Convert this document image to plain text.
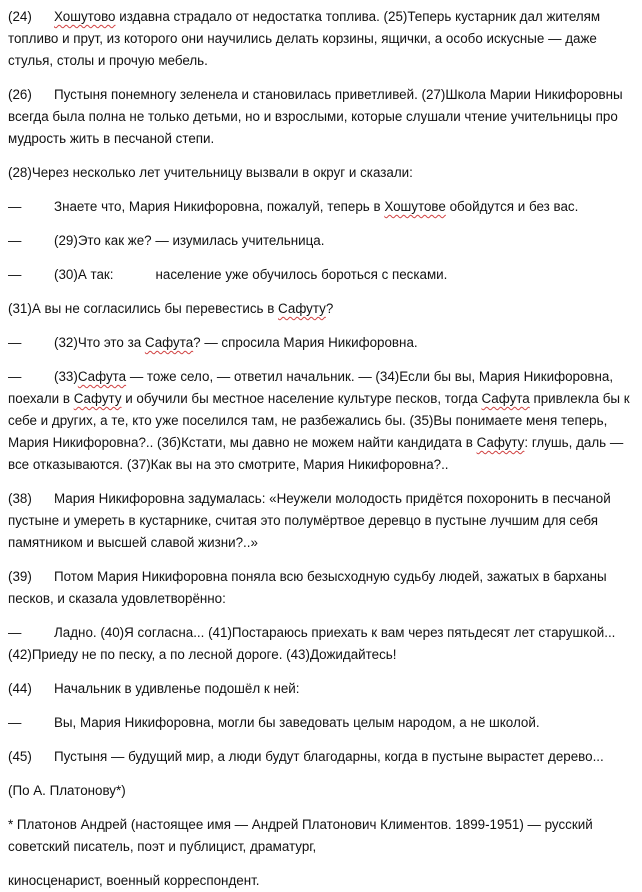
(24) Хошутово издавна страдало от недостатка топлива. (25)Теперь кустарник дал жителям топливо и прут, из которого они научились делать корзины, ящички, а особо искусные — даже стулья, столы и прочую мебель.

(26) Пустыня понемногу зеленела и становилась приветливей. (27)Школа Марии Никифоровны всегда была полна не только детьми, но и взрослыми, которые слушали чтение учительницы про мудрость жить в песчаной степи.

(28)Через несколько лет учительницу вызвали в округ и сказали:

— Знаете что, Мария Никифоровна, пожалуй, теперь в Хошутове обойдутся и без вас.

— (29)Это как же? — изумилась учительница.

— (30)А так:	население уже обучилось бороться с песками.

(31)А вы не согласились бы перевестись в Сафуту?

— (32)Что это за Сафута? — спросила Мария Никифоровна.

— (33)Сафута — тоже село, — ответил начальник. — (34)Если бы вы, Мария Никифоровна, поехали в Сафуту и обучили бы местное население культуре песков, тогда Сафута привлекла бы к себе и других, а те, кто уже поселился там, не разбежались бы. (35)Вы понимаете меня теперь, Мария Никифоровна?.. (3б)Кстати, мы давно не можем найти кандидата в Сафуту: глушь, даль — все отказываются. (37)Как вы на это смотрите, Мария Никифоровна?..

(38) Мария Никифоровна задумалась: «Неужели молодость придётся похоронить в песчаной пустыне и умереть в кустарнике, считая это полумёртвое деревцо в пустыне лучшим для себя памятником и высшей славой жизни?..»

(39) Потом Мария Никифоровна поняла всю безысходную судьбу людей, зажатых в барханы песков, и сказала удовлетворённо:

— Ладно. (40)Я согласна... (41)Постараюсь приехать к вам через пятьдесят лет старушкой... (42)Приеду не по песку, а по лесной дороге. (43)Дожидайтесь!

(44) Начальник в удивленье подошёл к ней:

— Вы, Мария Никифоровна, могли бы заведовать целым народом, а не школой.

(45) Пустыня — будущий мир, а люди будут благодарны, когда в пустыне вырастет дерево...

(По А. Платонову*)

* Платонов Андрей (настоящее имя — Андрей Платонович Климентов. 1899-1951) — русский советский писатель, поэт и публицист, драматург,

киносценарист, военный корреспондент.
